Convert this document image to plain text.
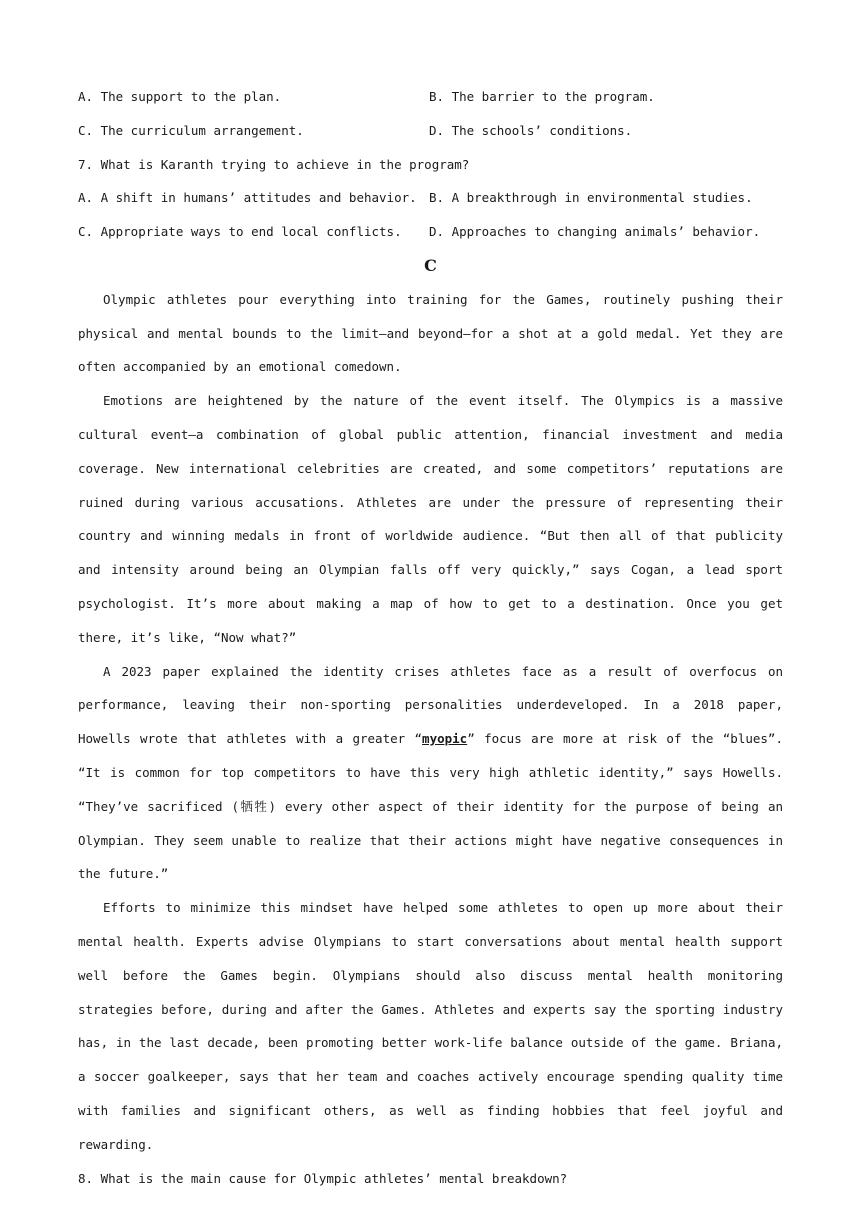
A. The support to the plan.	B. The barrier to the program.
C. The curriculum arrangement.	D. The schools’ conditions.
7. What is Karanth trying to achieve in the program?
A. A shift in humans’ attitudes and behavior. B. A breakthrough in environmental studies.
C. Appropriate ways to end local conflicts.	D. Approaches to changing animals’ behavior.
C

Olympic athletes pour everything into training for the Games, routinely pushing their physical and mental bounds to the limit—and beyond—for a shot at a gold medal. Yet they are often accompanied by an emotional comedown.

Emotions are heightened by the nature of the event itself. The Olympics is a massive cultural event—a combination of global public attention, financial investment and media coverage. New international celebrities are created, and some competitors’ reputations are ruined during various accusations. Athletes are under the pressure of representing their country and winning medals in front of worldwide audience. “But then all of that publicity and intensity around being an Olympian falls off very quickly,” says Cogan, a lead sport psychologist. It’s more about making a map of how to get to a destination. Once you get there, it’s like, “Now what?”

A 2023 paper explained the identity crises athletes face as a result of overfocus on performance, leaving their non-sporting personalities underdeveloped. In a 2018 paper, Howells wrote that athletes with a greater “myopic” focus are more at risk of the “blues”. “It is common for top competitors to have this very high athletic identity,” says Howells. “They’ve sacrificed (牺牲) every other aspect of their identity for the purpose of being an Olympian. They seem unable to realize that their actions might have negative consequences in the future.”

Efforts to minimize this mindset have helped some athletes to open up more about their mental health. Experts advise Olympians to start conversations about mental health support well before the Games begin. Olympians should also discuss mental health monitoring strategies before, during and after the Games. Athletes and experts say the sporting industry has, in the last decade, been promoting better work-life balance outside of the game. Briana, a soccer goalkeeper, says that her team and coaches actively encourage spending quality time with families and significant others, as well as finding hobbies that feel joyful and rewarding.

8. What is the main cause for Olympic athletes’ mental breakdown?
